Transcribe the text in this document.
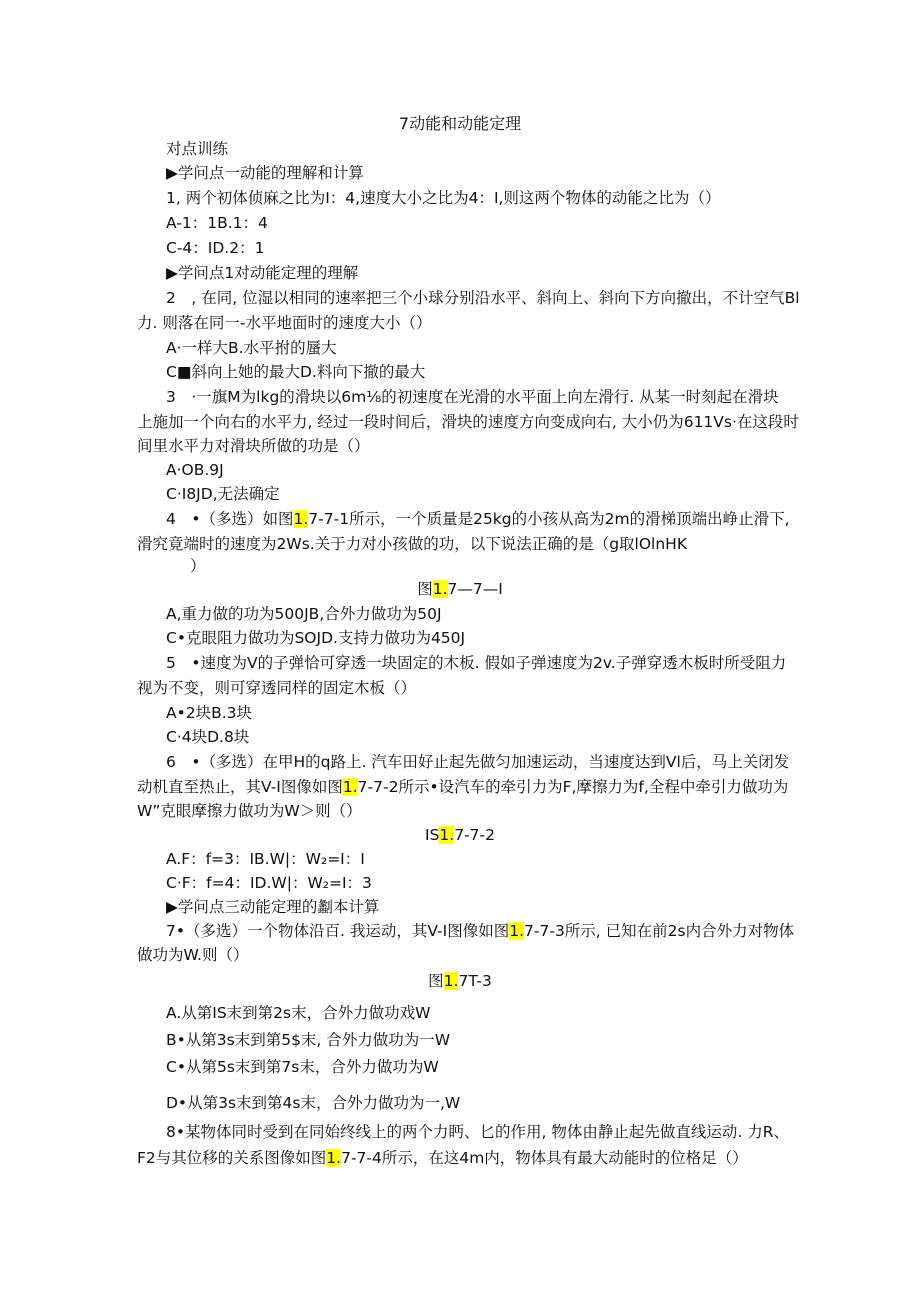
7动能和动能定理
对点训练
▶学问点一动能的理解和计算
1, 两个初体侦麻之比为I：4,速度大小之比为4：I,则这两个物体的动能之比为（）
A-1：1B.1：4
C-4：ID.2：1
▶学问点1对动能定理的理解
2　, 在同, 位湿以相同的速率把三个小球分别沿水平、斜向上、斜向下方向撤出，不计空气Bl
力. 则落在同一-水平地面时的速度大小（）
A·一样大B.水平拊的蜃大
C■斜向上她的最大D.料向下撤的最大
3　·一旗M为lkg的滑块以6m⅛的初速度在光滑的水平面上向左滑行. 从某一时刻起在滑块
上施加一个向右的水平力, 经过一段时间后，滑块的速度方向变成向右, 大小仍为611Vs·在这段时
间里水平力对滑块所做的功是（）
A·OB.9J
C·I8JD,无法确定
4　•（多选）如图1.7-7-1所示，一个质量是25kg的小孩从高为2m的滑梯顶端出峥止滑下,
滑究竟端时的速度为2Ws.关于力对小孩做的功，以下说法正确的是（g取lOlnHK
）
图1.7—7—I
A,重力做的功为500JB,合外力做功为50J
C•克眼阻力做功为SOJD.支持力做功为450J
5　•速度为V的子弹恰可穿透一块固定的木板. 假如子弹速度为2v.子弹穿透木板时所受阻力
视为不变，则可穿透同样的固定木板（）
A•2块B.3块
C·4块D.8块
6　•（多选）在甲H的q路上. 汽车田好止起先做匀加速运动，当速度达到Vl后，马上关闭发
动机直至热止，其V-I图像如图1.7-7-2所示•设汽车的牵引力为F,摩擦力为f,全程中牵引力做功为
W”克眼摩擦力做功为W＞则（）
IS1.7-7-2
A.F：f=3：IB.W|：W₂=I：I
C·F：f=4：ID.W|：W₂=I：3
▶学问点三动能定理的劙本计算
7•（多选）一个物体沿百. 我运动，其V-I图像如图1.7-7-3所示, 已知在前2s内合外力对物体
做功为W.则（）
图1.7T-3
A.从第IS末到第2s末，合外力做功戏W
B•从第3s末到第5$末, 合外力做功为一W
C•从第5s末到第7s末，合外力做功为W
D•从第3s末到第4s末，合外力做功为一,W
8•某物体同时受到在同始终线上的两个力眄、匕的作用, 物体由静止起先做直线运动. 力R、
F2与其位移的关系图像如图1.7-7-4所示，在这4m内，物体具有最大动能时的位格足（）
